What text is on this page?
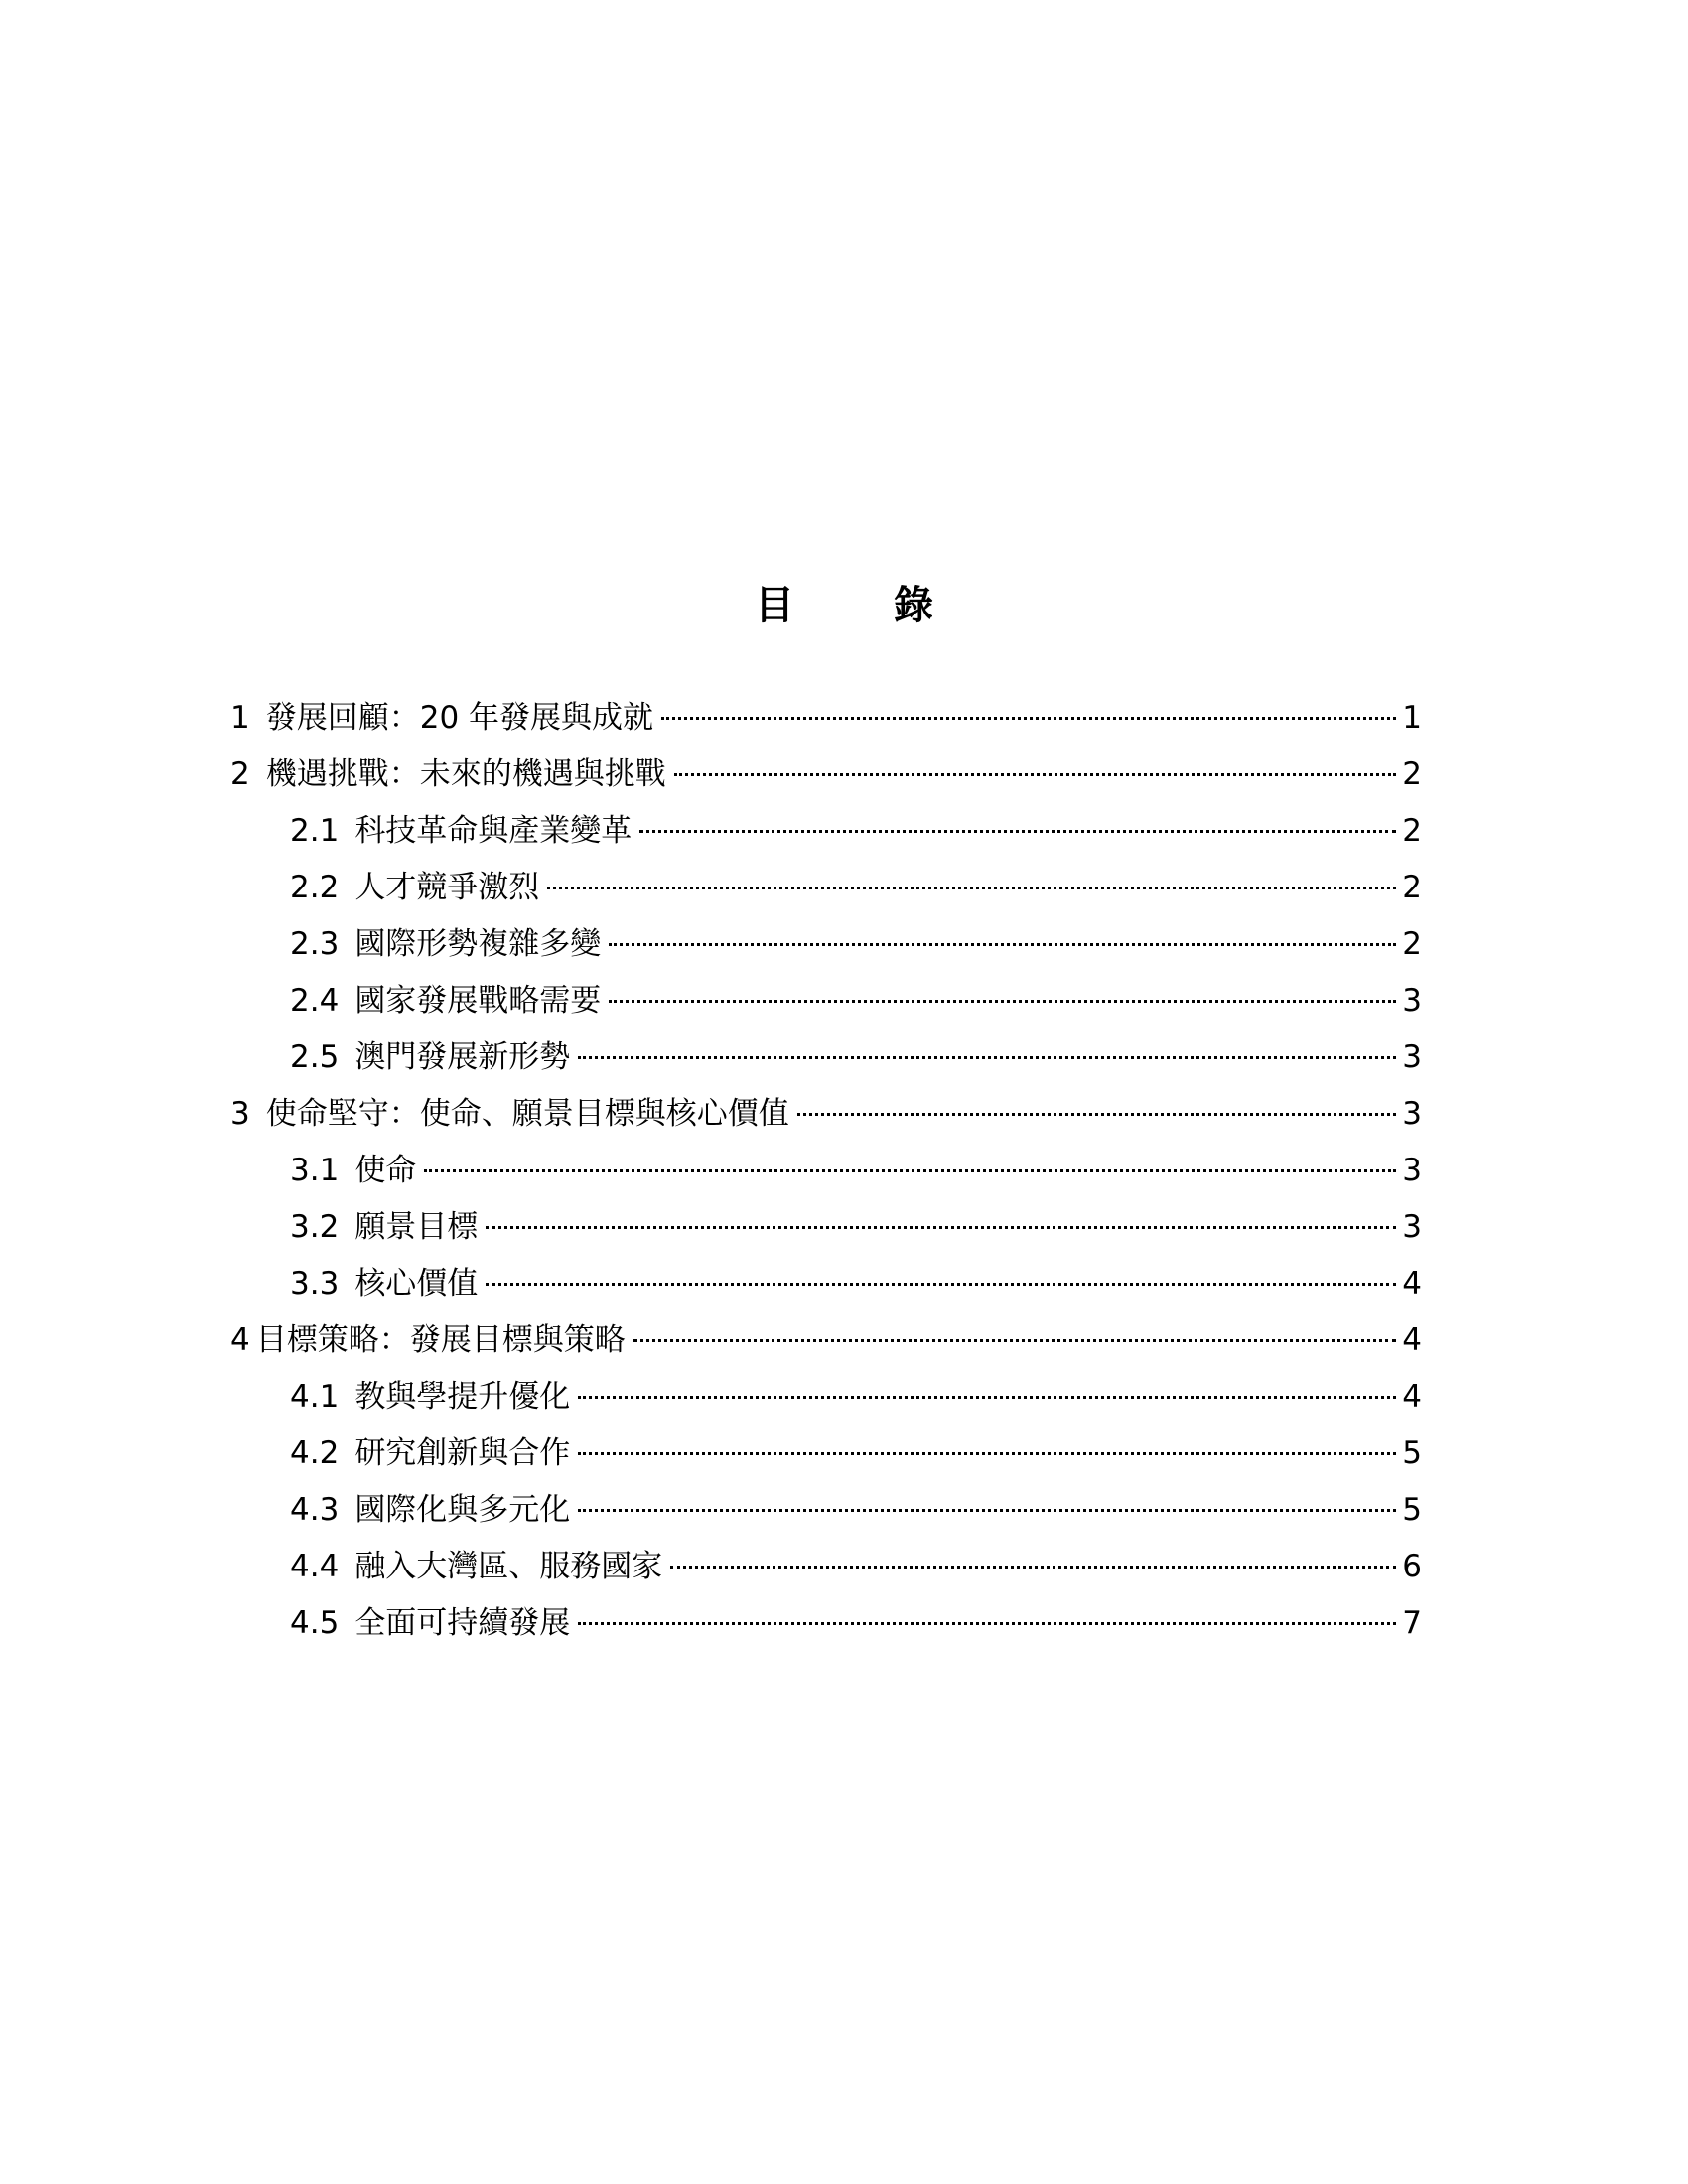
目	錄
1 發展回顧：20 年發展與成就	1
2 機遇挑戰：未來的機遇與挑戰	2
2.1 科技革命與產業變革	2
2.2 人才競爭激烈	2
2.3 國際形勢複雜多變	2
2.4 國家發展戰略需要	3
2.5 澳門發展新形勢	3
3 使命堅守：使命、願景目標與核心價值	3
3.1 使命	3
3.2 願景目標	3
3.3 核心價值	4
4 目標策略：發展目標與策略	4
4.1 教與學提升優化	4
4.2 研究創新與合作	5
4.3 國際化與多元化	5
4.4 融入大灣區、服務國家	6
4.5 全面可持續發展	7
